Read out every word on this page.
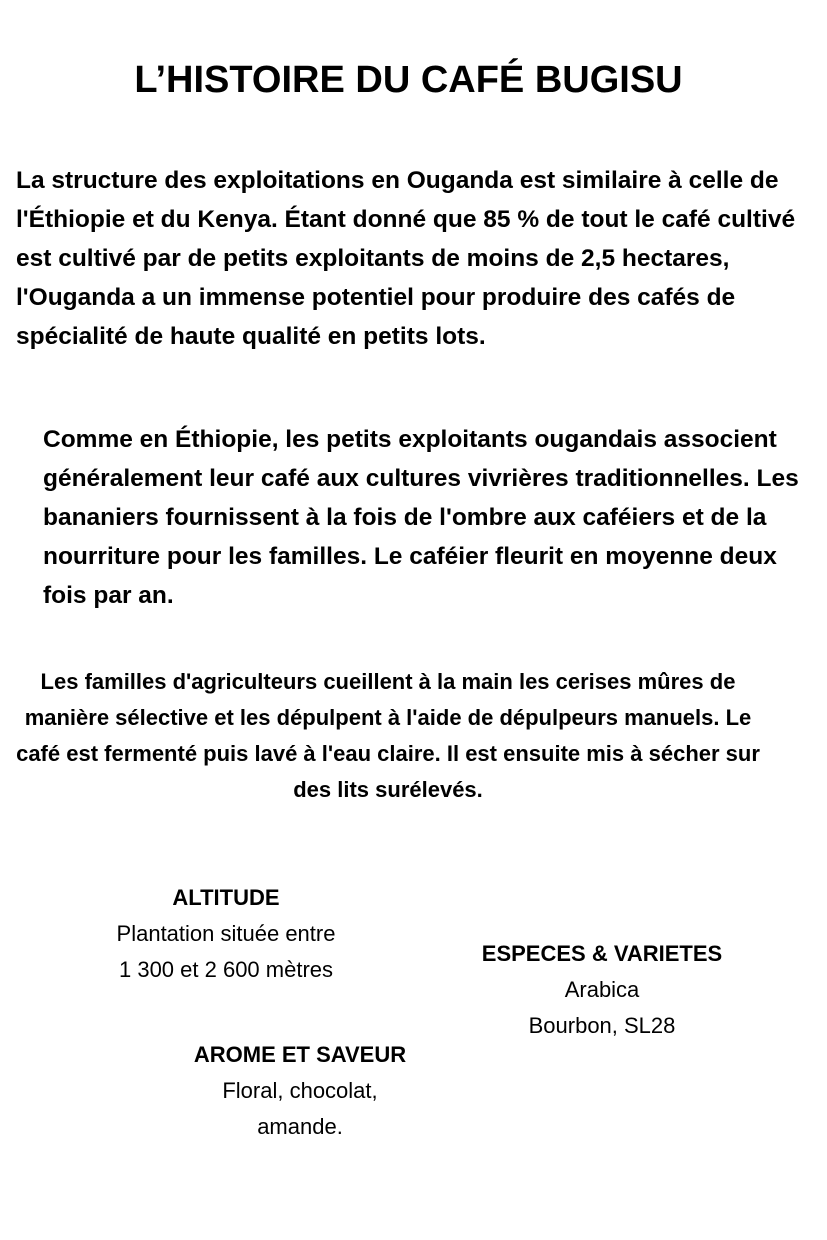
L’HISTOIRE DU CAFÉ BUGISU

La structure des exploitations en Ouganda est similaire à celle de l'Éthiopie et du Kenya. Étant donné que 85 % de tout le café cultivé est cultivé par de petits exploitants de moins de 2,5 hectares, l'Ouganda a un immense potentiel pour produire des cafés de spécialité de haute qualité en petits lots.

Comme en Éthiopie, les petits exploitants ougandais associent généralement leur café aux cultures vivrières traditionnelles. Les bananiers fournissent à la fois de l'ombre aux caféiers et de la nourriture pour les familles. Le caféier fleurit en moyenne deux fois par an.

Les familles d'agriculteurs cueillent à la main les cerises mûres de manière sélective et les dépulpent à l'aide de dépulpeurs manuels. Le café est fermenté puis lavé à l'eau claire. Il est ensuite mis à sécher sur des lits surélevés.

ALTITUDE
Plantation située entre
1 300 et 2 600 mètres
ESPECES & VARIETES
Arabica
Bourbon, SL28
AROME ET SAVEUR
Floral, chocolat,
amande.
